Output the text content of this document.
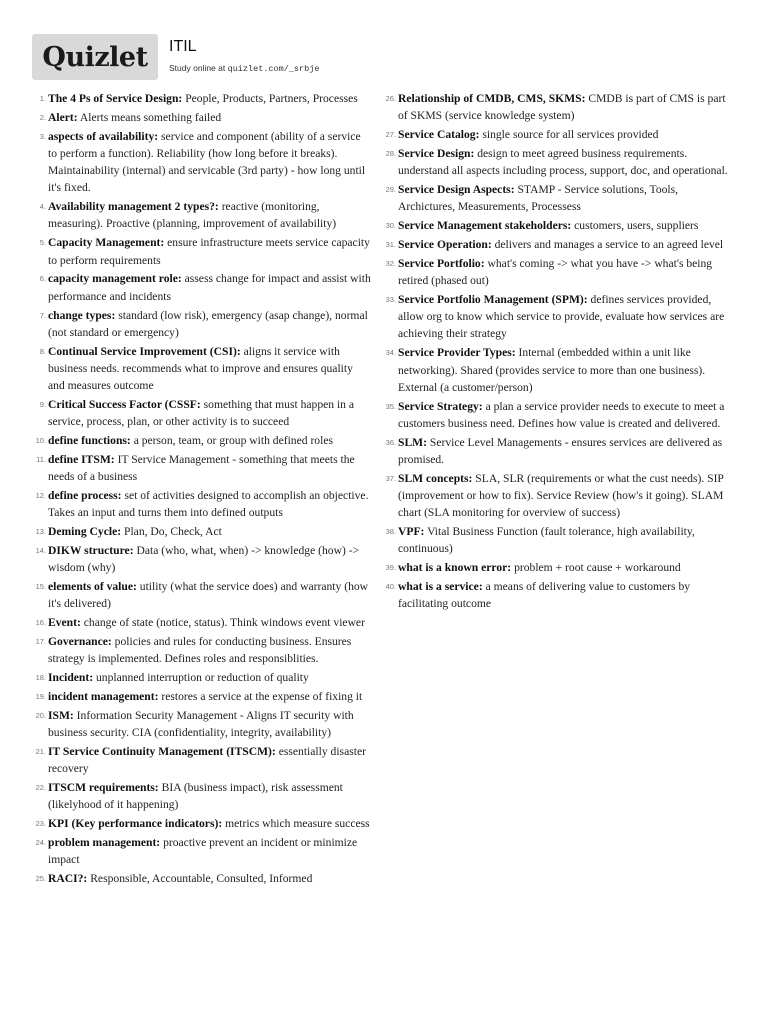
Quizlet ITIL
Study online at quizlet.com/_srbje
1. The 4 Ps of Service Design: People, Products, Partners, Processes
2. Alert: Alerts means something failed
3. aspects of availability: service and component (ability of a service to perform a function). Reliability (how long before it breaks). Maintainability (internal) and servicable (3rd party) - how long until it's fixed.
4. Availability management 2 types?: reactive (monitoring, measuring). Proactive (planning, improvement of availability)
5. Capacity Management: ensure infrastructure meets service capacity to perform requirements
6. capacity management role: assess change for impact and assist with performance and incidents
7. change types: standard (low risk), emergency (asap change), normal (not standard or emergency)
8. Continual Service Improvement (CSI): aligns it service with business needs. recommends what to improve and ensures quality and measures outcome
9. Critical Success Factor (CSSF: something that must happen in a service, process, plan, or other activity is to succeed
10. define functions: a person, team, or group with defined roles
11. define ITSM: IT Service Management - something that meets the needs of a business
12. define process: set of activities designed to accomplish an objective. Takes an input and turns them into defined outputs
13. Deming Cycle: Plan, Do, Check, Act
14. DIKW structure: Data (who, what, when) -> knowledge (how) -> wisdom (why)
15. elements of value: utility (what the service does) and warranty (how it's delivered)
16. Event: change of state (notice, status). Think windows event viewer
17. Governance: policies and rules for conducting business. Ensures strategy is implemented. Defines roles and responsiblities.
18. Incident: unplanned interruption or reduction of quality
19. incident management: restores a service at the expense of fixing it
20. ISM: Information Security Management - Aligns IT security with business security. CIA (confidentiality, integrity, availability)
21. IT Service Continuity Management (ITSCM): essentially disaster recovery
22. ITSCM requirements: BIA (business impact), risk assessment (likelyhood of it happening)
23. KPI (Key performance indicators): metrics which measure success
24. problem management: proactive prevent an incident or minimize impact
25. RACI?: Responsible, Accountable, Consulted, Informed
26. Relationship of CMDB, CMS, SKMS: CMDB is part of CMS is part of SKMS (service knowledge system)
27. Service Catalog: single source for all services provided
28. Service Design: design to meet agreed business requirements. understand all aspects including process, support, doc, and operational.
29. Service Design Aspects: STAMP - Service solutions, Tools, Archictures, Measurements, Processess
30. Service Management stakeholders: customers, users, suppliers
31. Service Operation: delivers and manages a service to an agreed level
32. Service Portfolio: what's coming -> what you have -> what's being retired (phased out)
33. Service Portfolio Management (SPM): defines services provided, allow org to know which service to provide, evaluate how services are achieving their strategy
34. Service Provider Types: Internal (embedded within a unit like networking). Shared (provides service to more than one business). External (a customer/person)
35. Service Strategy: a plan a service provider needs to execute to meet a customers business need. Defines how value is created and delivered.
36. SLM: Service Level Managements - ensures services are delivered as promised.
37. SLM concepts: SLA, SLR (requirements or what the cust needs). SIP (improvement or how to fix). Service Review (how's it going). SLAM chart (SLA monitoring for overview of success)
38. VPF: Vital Business Function (fault tolerance, high availability, continuous)
39. what is a known error: problem + root cause + workaround
40. what is a service: a means of delivering value to customers by facilitating outcome
